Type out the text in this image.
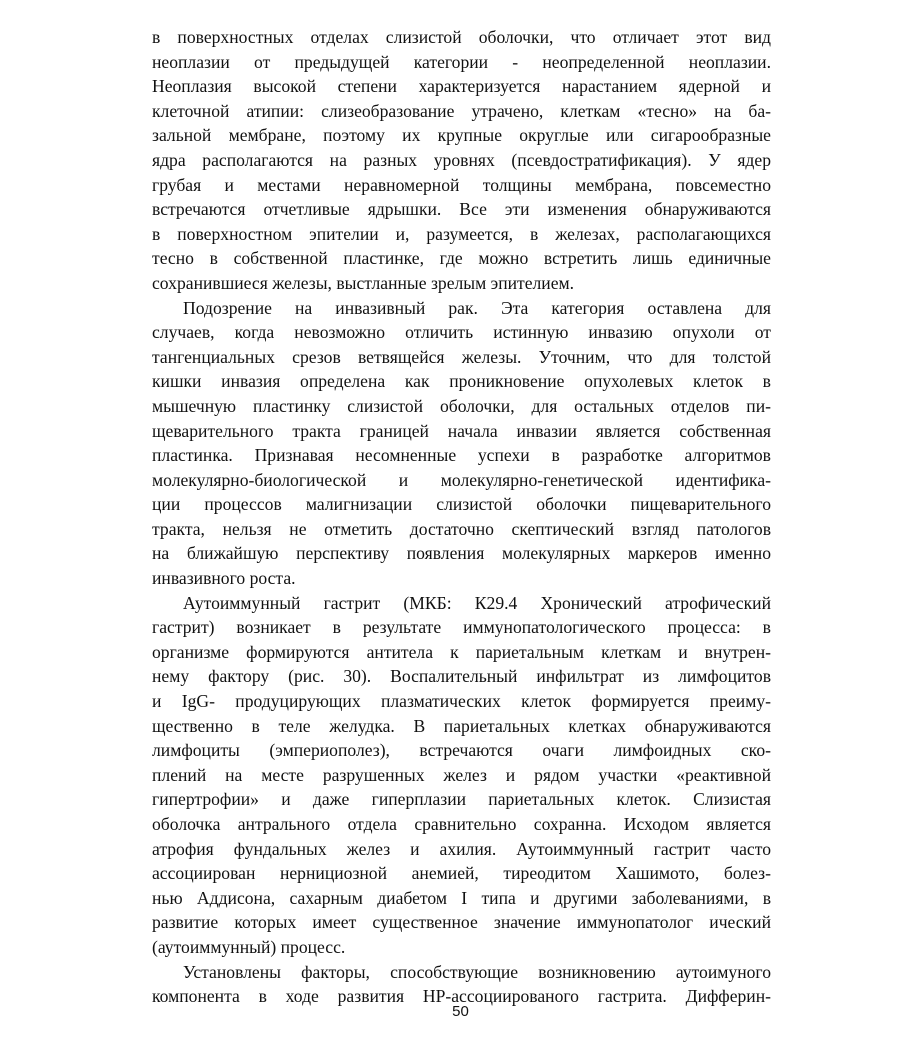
в поверхностных отделах слизистой оболочки, что отличает этот вид
неоплазии от предыдущей категории - неопределенной неоплазии.
Неоплазия высокой степени характеризуется нарастанием ядерной и
клеточной атипии: слизеобразование утрачено, клеткам «тесно» на ба-
зальной мембране, поэтому их крупные округлые или сигарообразные
ядра располагаются на разных уровнях (псевдостратификация). У ядер
грубая и местами неравномерной толщины мембрана, повсеместно
встречаются отчетливые ядрышки. Все эти изменения обнаруживаются
в поверхностном эпителии и, разумеется, в железах, располагающихся
тесно в собственной пластинке, где можно встретить лишь единичные
сохранившиеся железы, выстланные зрелым эпителием.
Подозрение на инвазивный рак. Эта категория оставлена для
случаев, когда невозможно отличить истинную инвазию опухоли от
тангенциальных срезов ветвящейся железы. Уточним, что для толстой
кишки инвазия определена как проникновение опухолевых клеток в
мышечную пластинку слизистой оболочки, для остальных отделов пи-
щеварительного тракта границей начала инвазии является собственная
пластинка. Признавая несомненные успехи в разработке алгоритмов
молекулярно-биологической и молекулярно-генетической идентифика-
ции процессов малигнизации слизистой оболочки пищеварительного
тракта, нельзя не отметить достаточно скептический взгляд патологов
на ближайшую перспективу появления молекулярных маркеров именно
инвазивного роста.
Аутоиммунный гастрит (МКБ: К29.4 Хронический атрофический
гастрит) возникает в результате иммунопатологического процесса: в
организме формируются антитела к париетальным клеткам и внутрен-
нему фактору (рис. 30). Воспалительный инфильтрат из лимфоцитов
и IgG- продуцирующих плазматических клеток формируется преиму-
щественно в теле желудка. В париетальных клетках обнаруживаются
лимфоциты (эмпериополез), встречаются очаги лимфоидных ско-
плений на месте разрушенных желез и рядом участки «реактивной
гипертрофии» и даже гиперплазии париетальных клеток. Слизистая
оболочка антрального отдела сравнительно сохранна. Исходом является
атрофия фундальных желез и ахилия. Аутоиммунный гастрит часто
ассоциирован нернициозной анемией, тиреодитом Хашимото, болез-
нью Аддисона, сахарным диабетом I типа и другими заболеваниями, в
развитие которых имеет существенное значение иммунопатолог ический
(аутоиммунный) процесс.
Установлены факторы, способствующие возникновению аутоимуного
компонента в ходе развития НР-ассоциированого гастрита. Дифферин-
50
